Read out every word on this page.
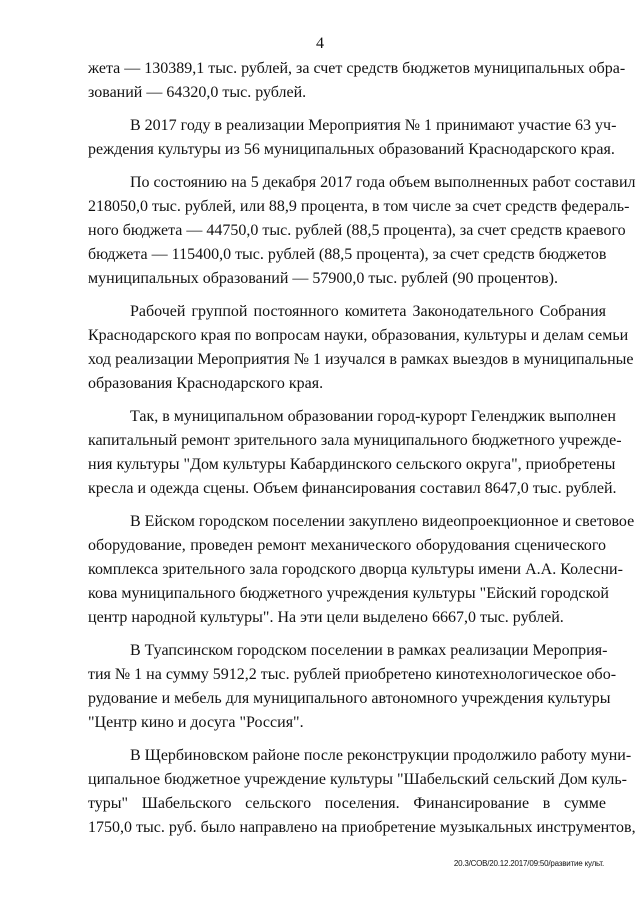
4
жета — 130389,1 тыс. рублей, за счет средств бюджетов муниципальных обра-
зований — 64320,0 тыс. рублей.
В 2017 году в реализации Мероприятия № 1 принимают участие 63 уч-
реждения культуры из 56 муниципальных образований Краснодарского края.
По состоянию на 5 декабря 2017 года объем выполненных работ составил
218050,0 тыс. рублей, или 88,9 процента, в том числе за счет средств федераль-
ного бюджета — 44750,0 тыс. рублей (88,5 процента), за счет средств краевого
бюджета — 115400,0 тыс. рублей (88,5 процента), за счет средств бюджетов
муниципальных образований — 57900,0 тыс. рублей (90 процентов).
Рабочей группой постоянного комитета Законодательного Собрания
Краснодарского края по вопросам науки, образования, культуры и делам семьи
ход реализации Мероприятия № 1 изучался в рамках выездов в муниципальные
образования Краснодарского края.
Так, в муниципальном образовании город-курорт Геленджик выполнен
капитальный ремонт зрительного зала муниципального бюджетного учрежде-
ния культуры "Дом культуры Кабардинского сельского округа", приобретены
кресла и одежда сцены. Объем финансирования составил 8647,0 тыс. рублей.
В Ейском городском поселении закуплено видеопроекционное и световое
оборудование, проведен ремонт механического оборудования сценического
комплекса зрительного зала городского дворца культуры имени А.А. Колесни-
кова муниципального бюджетного учреждения культуры "Ейский городской
центр народной культуры". На эти цели выделено 6667,0 тыс. рублей.
В Туапсинском городском поселении в рамках реализации Мероприя-
тия № 1 на сумму 5912,2 тыс. рублей приобретено кинотехнологическое обо-
рудование и мебель для муниципального автономного учреждения культуры
"Центр кино и досуга "Россия".
В Щербиновском районе после реконструкции продолжило работу муни-
ципальное бюджетное учреждение культуры "Шабельский сельский Дом куль-
туры" Шабельского сельского поселения. Финансирование в сумме
1750,0 тыс. руб. было направлено на приобретение музыкальных инструментов,
20.3/СОВ/20.12.2017/09:50/развитие культ.
